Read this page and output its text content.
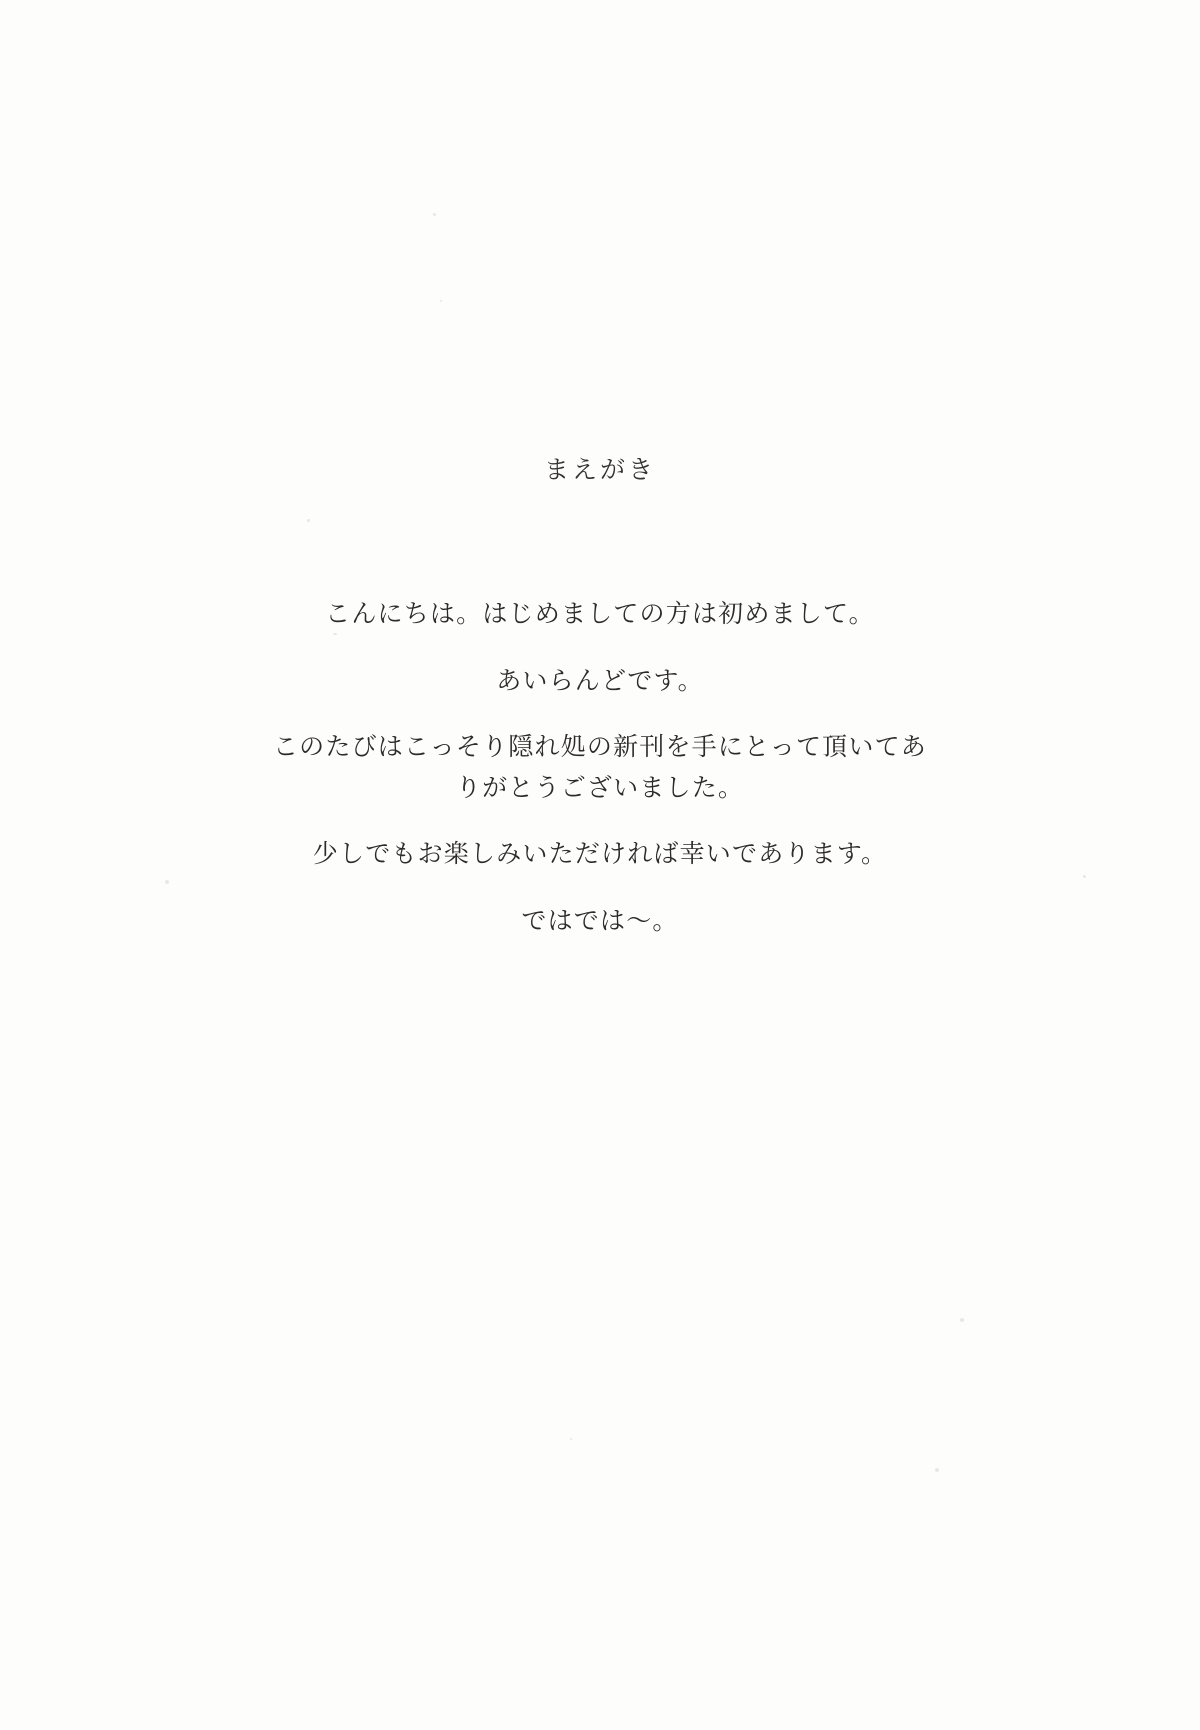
まえがき

こんにちは。はじめましての方は初めまして。

あいらんどです。

このたびはこっそり隠れ処の新刊を手にとって頂いてありがとうございました。

少しでもお楽しみいただければ幸いであります。

ではでは〜。
